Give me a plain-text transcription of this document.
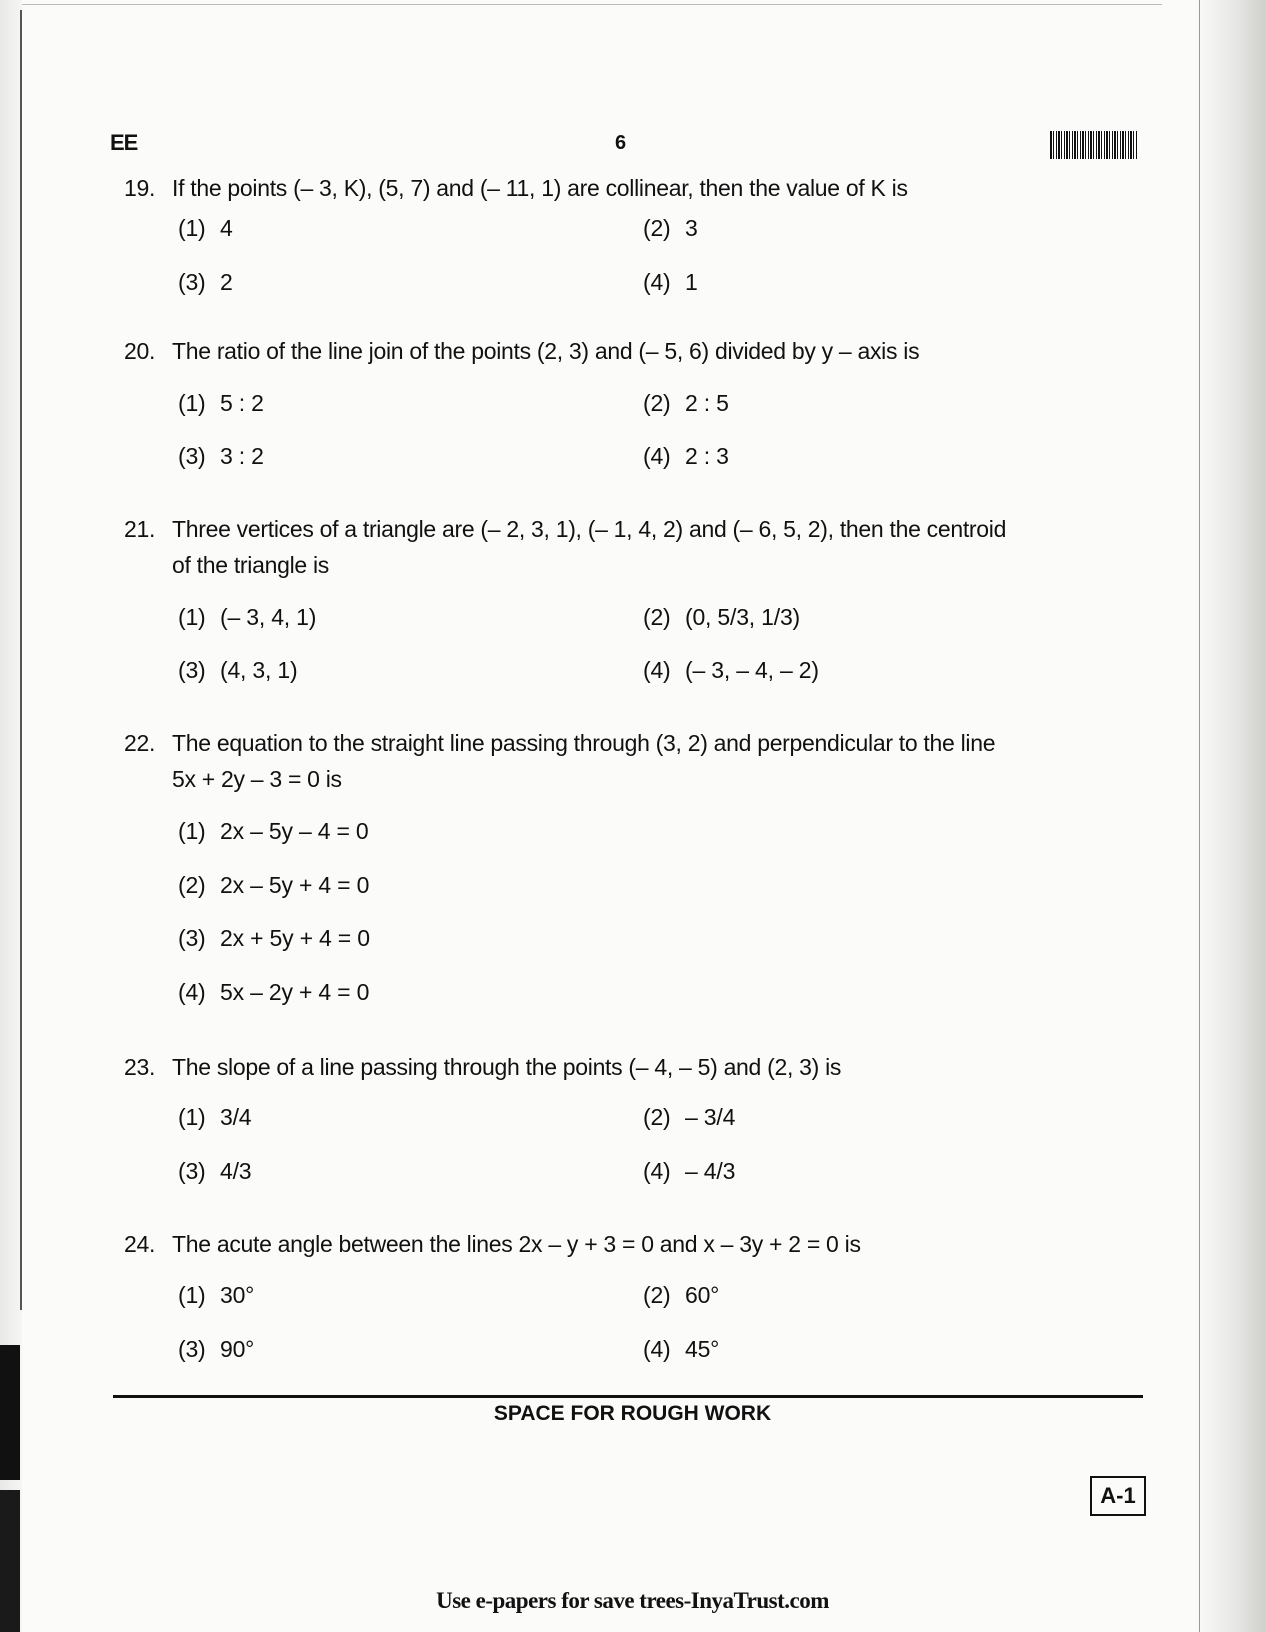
EE	6
19. If the points (– 3, K), (5, 7) and (– 11, 1) are collinear, then the value of K is
(1) 4	(2) 3
(3) 2	(4) 1
20. The ratio of the line join of the points (2, 3) and (– 5, 6) divided by y – axis is
(1) 5 : 2	(2) 2 : 5
(3) 3 : 2	(4) 2 : 3
21. Three vertices of a triangle are (– 2, 3, 1), (– 1, 4, 2) and (– 6, 5, 2), then the centroid
of the triangle is
(1) (– 3, 4, 1)	(2) (0, 5/3, 1/3)
(3) (4, 3, 1)	(4) (– 3, – 4, – 2)
22. The equation to the straight line passing through (3, 2) and perpendicular to the line
5x + 2y – 3 = 0 is
(1) 2x – 5y – 4 = 0
(2) 2x – 5y + 4 = 0
(3) 2x + 5y + 4 = 0
(4) 5x – 2y + 4 = 0
23. The slope of a line passing through the points (– 4, – 5) and (2, 3) is
(1) 3/4	(2) – 3/4
(3) 4/3	(4) – 4/3
24. The acute angle between the lines 2x – y + 3 = 0 and x – 3y + 2 = 0 is
(1) 30°	(2) 60°
(3) 90°	(4) 45°
SPACE FOR ROUGH WORK
A-1
Use e-papers for save trees-InyaTrust.com
